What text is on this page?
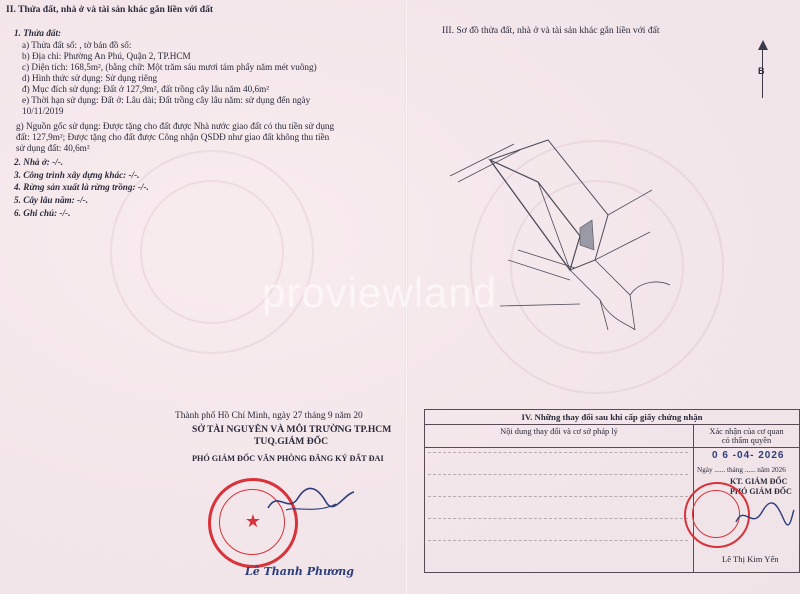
II. Thửa đất, nhà ở và tài sản khác gắn liền với đất
1. Thửa đất:
a) Thửa đất số: , tờ bản đồ số:
b) Địa chỉ: Phường An Phú, Quận 2, TP.HCM
c) Diện tích: 168,5m², (bằng chữ: Một trăm sáu mươi tám phẩy năm mét vuông)
d) Hình thức sử dụng: Sử dụng riêng
đ) Mục đích sử dụng: Đất ở 127,9m², đất trồng cây lâu năm 40,6m²
e) Thời hạn sử dụng: Đất ở: Lâu dài; Đất trồng cây lâu năm: sử dụng đến ngày
10/11/2019
g) Nguồn gốc sử dụng: Được tặng cho đất được Nhà nước giao đất có thu tiền sử dụng
đất: 127,9m²; Được tặng cho đất được Công nhận QSDĐ như giao đất không thu tiền
sử dụng đất: 40,6m²
2. Nhà ở: -/-.
3. Công trình xây dựng khác: -/-.
4. Rừng sản xuất là rừng trồng: -/-.
5. Cây lâu năm: -/-.
6. Ghi chú: -/-.
Thành phố Hồ Chí Minh, ngày 27 tháng 9 năm 20
SỞ TÀI NGUYÊN VÀ MÔI TRƯỜNG TP.HCM
TUQ.GIÁM ĐỐC
PHÓ GIÁM ĐỐC VĂN PHÒNG ĐĂNG KÝ ĐẤT ĐAI
★
Lê Thanh Phương
III. Sơ đồ thửa đất, nhà ở và tài sản khác gắn liền với đất
B
proviewland
IV. Những thay đổi sau khi cấp giấy chứng nhận	
Nội dung thay đổi và cơ sở pháp lý	Xác nhận của cơ quan
có thẩm quyền

	0 6 -04- 2026
Ngày ...... tháng ...... năm 2026
KT. GIÁM ĐỐC
PHÓ GIÁM ĐỐC
Lê Thị Kim Yến
